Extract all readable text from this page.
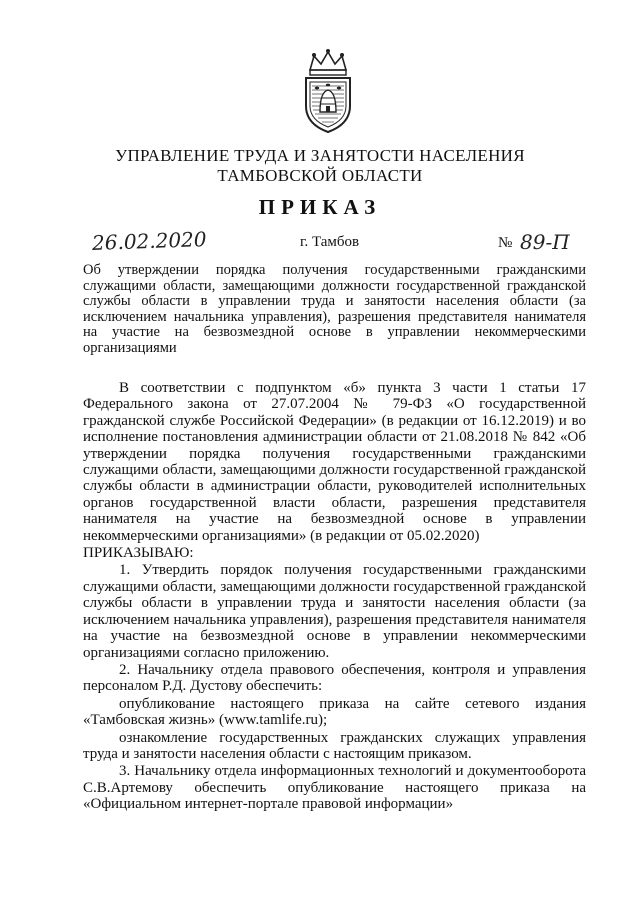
УПРАВЛЕНИЕ ТРУДА И ЗАНЯТОСТИ НАСЕЛЕНИЯ
ТАМБОВСКОЙ ОБЛАСТИ
ПРИКАЗ
26.02.2020	г. Тамбов	№ 89-П
Об утверждении порядка получения государственными гражданскими служащими области, замещающими должности государственной гражданской службы области в управлении труда и занятости населения области (за исключением начальника управления), разрешения представителя нанимателя на участие на безвозмездной основе в управлении некоммерческими организациями

В соответствии с подпунктом «б» пункта 3 части 1 статьи 17 Федерального закона от 27.07.2004 № 79-ФЗ «О государственной гражданской службе Российской Федерации» (в редакции от 16.12.2019) и во исполнение постановления администрации области от 21.08.2018 № 842 «Об утверждении порядка получения государственными гражданскими служащими области, замещающими должности государственной гражданской службы области в администрации области, руководителей исполнительных органов государственной власти области, разрешения представителя нанимателя на участие на безвозмездной основе в управлении некоммерческими организациями» (в редакции от 05.02.2020)

ПРИКАЗЫВАЮ:

1. Утвердить порядок получения государственными гражданскими служащими области, замещающими должности государственной гражданской службы области в управлении труда и занятости населения области (за исключением начальника управления), разрешения представителя нанимателя на участие на безвозмездной основе в управлении некоммерческими организациями согласно приложению.

2. Начальнику отдела правового обеспечения, контроля и управления персоналом Р.Д. Дустову обеспечить:

опубликование настоящего приказа на сайте сетевого издания «Тамбовская жизнь» (www.tamlife.ru);

ознакомление государственных гражданских служащих управления труда и занятости населения области с настоящим приказом.

3. Начальнику отдела информационных технологий и документооборота С.В.Артемову обеспечить опубликование настоящего приказа на «Официальном интернет-портале правовой информации»
